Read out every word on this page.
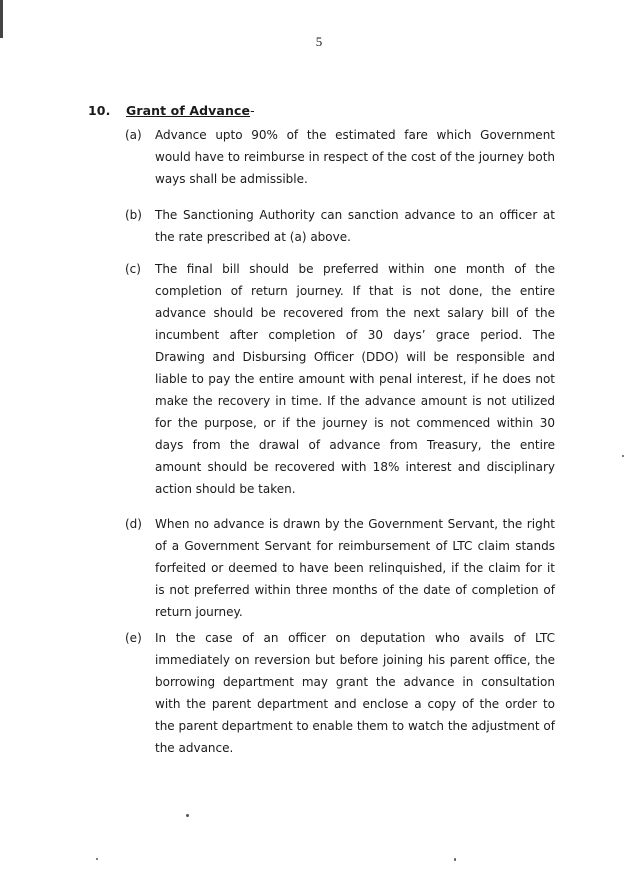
5
10. Grant of Advance-
(a)	Advance upto 90% of the estimated fare which Government would have to reimburse in respect of the cost of the journey both ways shall be admissible.
(b)	The Sanctioning Authority can sanction advance to an officer at the rate prescribed at (a) above.
(c)	The final bill should be preferred within one month of the completion of return journey. If that is not done, the entire advance should be recovered from the next salary bill of the incumbent after completion of 30 days’ grace period. The Drawing and Disbursing Officer (DDO) will be responsible and liable to pay the entire amount with penal interest, if he does not make the recovery in time. If the advance amount is not utilized for the purpose, or if the journey is not commenced within 30 days from the drawal of advance from Treasury, the entire amount should be recovered with 18% interest and disciplinary action should be taken.
(d)	When no advance is drawn by the Government Servant, the right of a Government Servant for reimbursement of LTC claim stands forfeited or deemed to have been relinquished, if the claim for it is not preferred within three months of the date of completion of return journey.
(e)	In the case of an officer on deputation who avails of LTC immediately on reversion but before joining his parent office, the borrowing department may grant the advance in consultation with the parent department and enclose a copy of the order to the parent department to enable them to watch the adjustment of the advance.
